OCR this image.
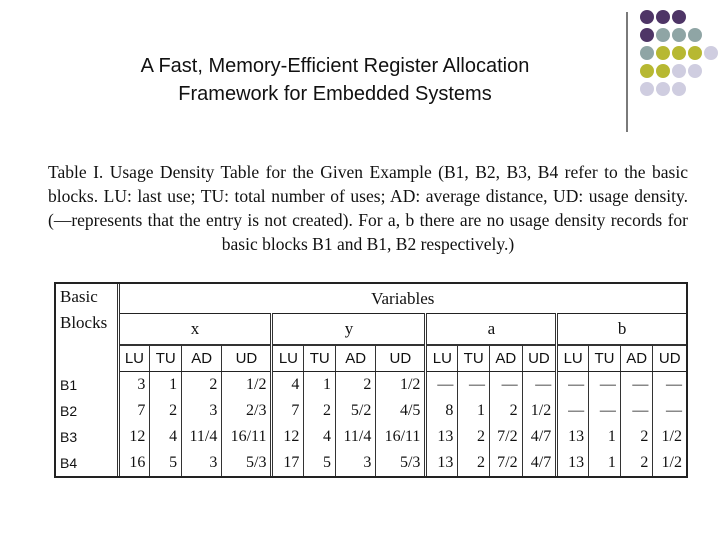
A Fast, Memory-Efficient Register Allocation
Framework for Embedded Systems
Table I. Usage Density Table for the Given Example (B1, B2, B3, B4 refer to the basic blocks. LU: last use; TU: total number of uses; AD: average distance, UD: usage density. (—represents that the entry is not created). For a, b there are no usage density records for basic blocks B1 and B1, B2 respectively.)
Basic
Blocks	Variables															
	x				y				a				b			
	LU	TU	AD	UD	LU	TU	AD	UD	LU	TU	AD	UD	LU	TU	AD	UD
B1	3	1	2	1/2	4	1	2	1/2	—	—	—	—	—	—	—	—
B2	7	2	3	2/3	7	2	5/2	4/5	8	1	2	1/2	—	—	—	—
B3	12	4	11/4	16/11	12	4	11/4	16/11	13	2	7/2	4/7	13	1	2	1/2
B4	16	5	3	5/3	17	5	3	5/3	13	2	7/2	4/7	13	1	2	1/2
